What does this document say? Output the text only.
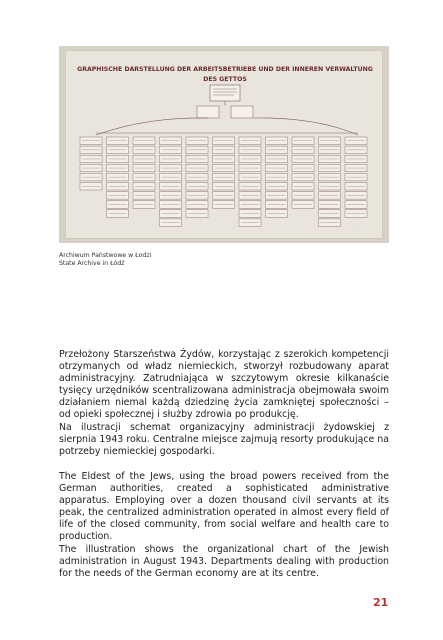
GRAPHISCHE DARSTELLUNG DER ARBEITSBETRIEBE UND DER INNEREN VERWALTUNG
DES GETTOS
···
Archiwum Państwowe w Łodzi
State Archive in Łódź

Przełożony Starszeństwa Żydów, korzystając z szerokich kompetencji otrzymanych od władz niemieckich, stworzył rozbudowany aparat administracyjny. Zatrudniająca w szczytowym okresie kilkanaście tysięcy urzędników scentralizowana administracja obejmowała swoim działaniem niemal każdą dziedzinę życia zamkniętej społeczności – od opieki społecznej i służby zdrowia po produkcję.

Na ilustracji schemat organizacyjny administracji żydowskiej z sierpnia 1943 roku. Centralne miejsce zajmują resorty produkujące na potrzeby niemieckiej gospodarki.

The Eldest of the Jews, using the broad powers received from the German authorities, created a sophisticated administrative apparatus. Employing over a dozen thousand civil servants at its peak, the centralized administration operated in almost every field of life of the closed community, from social welfare and health care to production.

The illustration shows the organizational chart of the Jewish administration in August 1943. Departments dealing with production for the needs of the German economy are at its centre.

21
